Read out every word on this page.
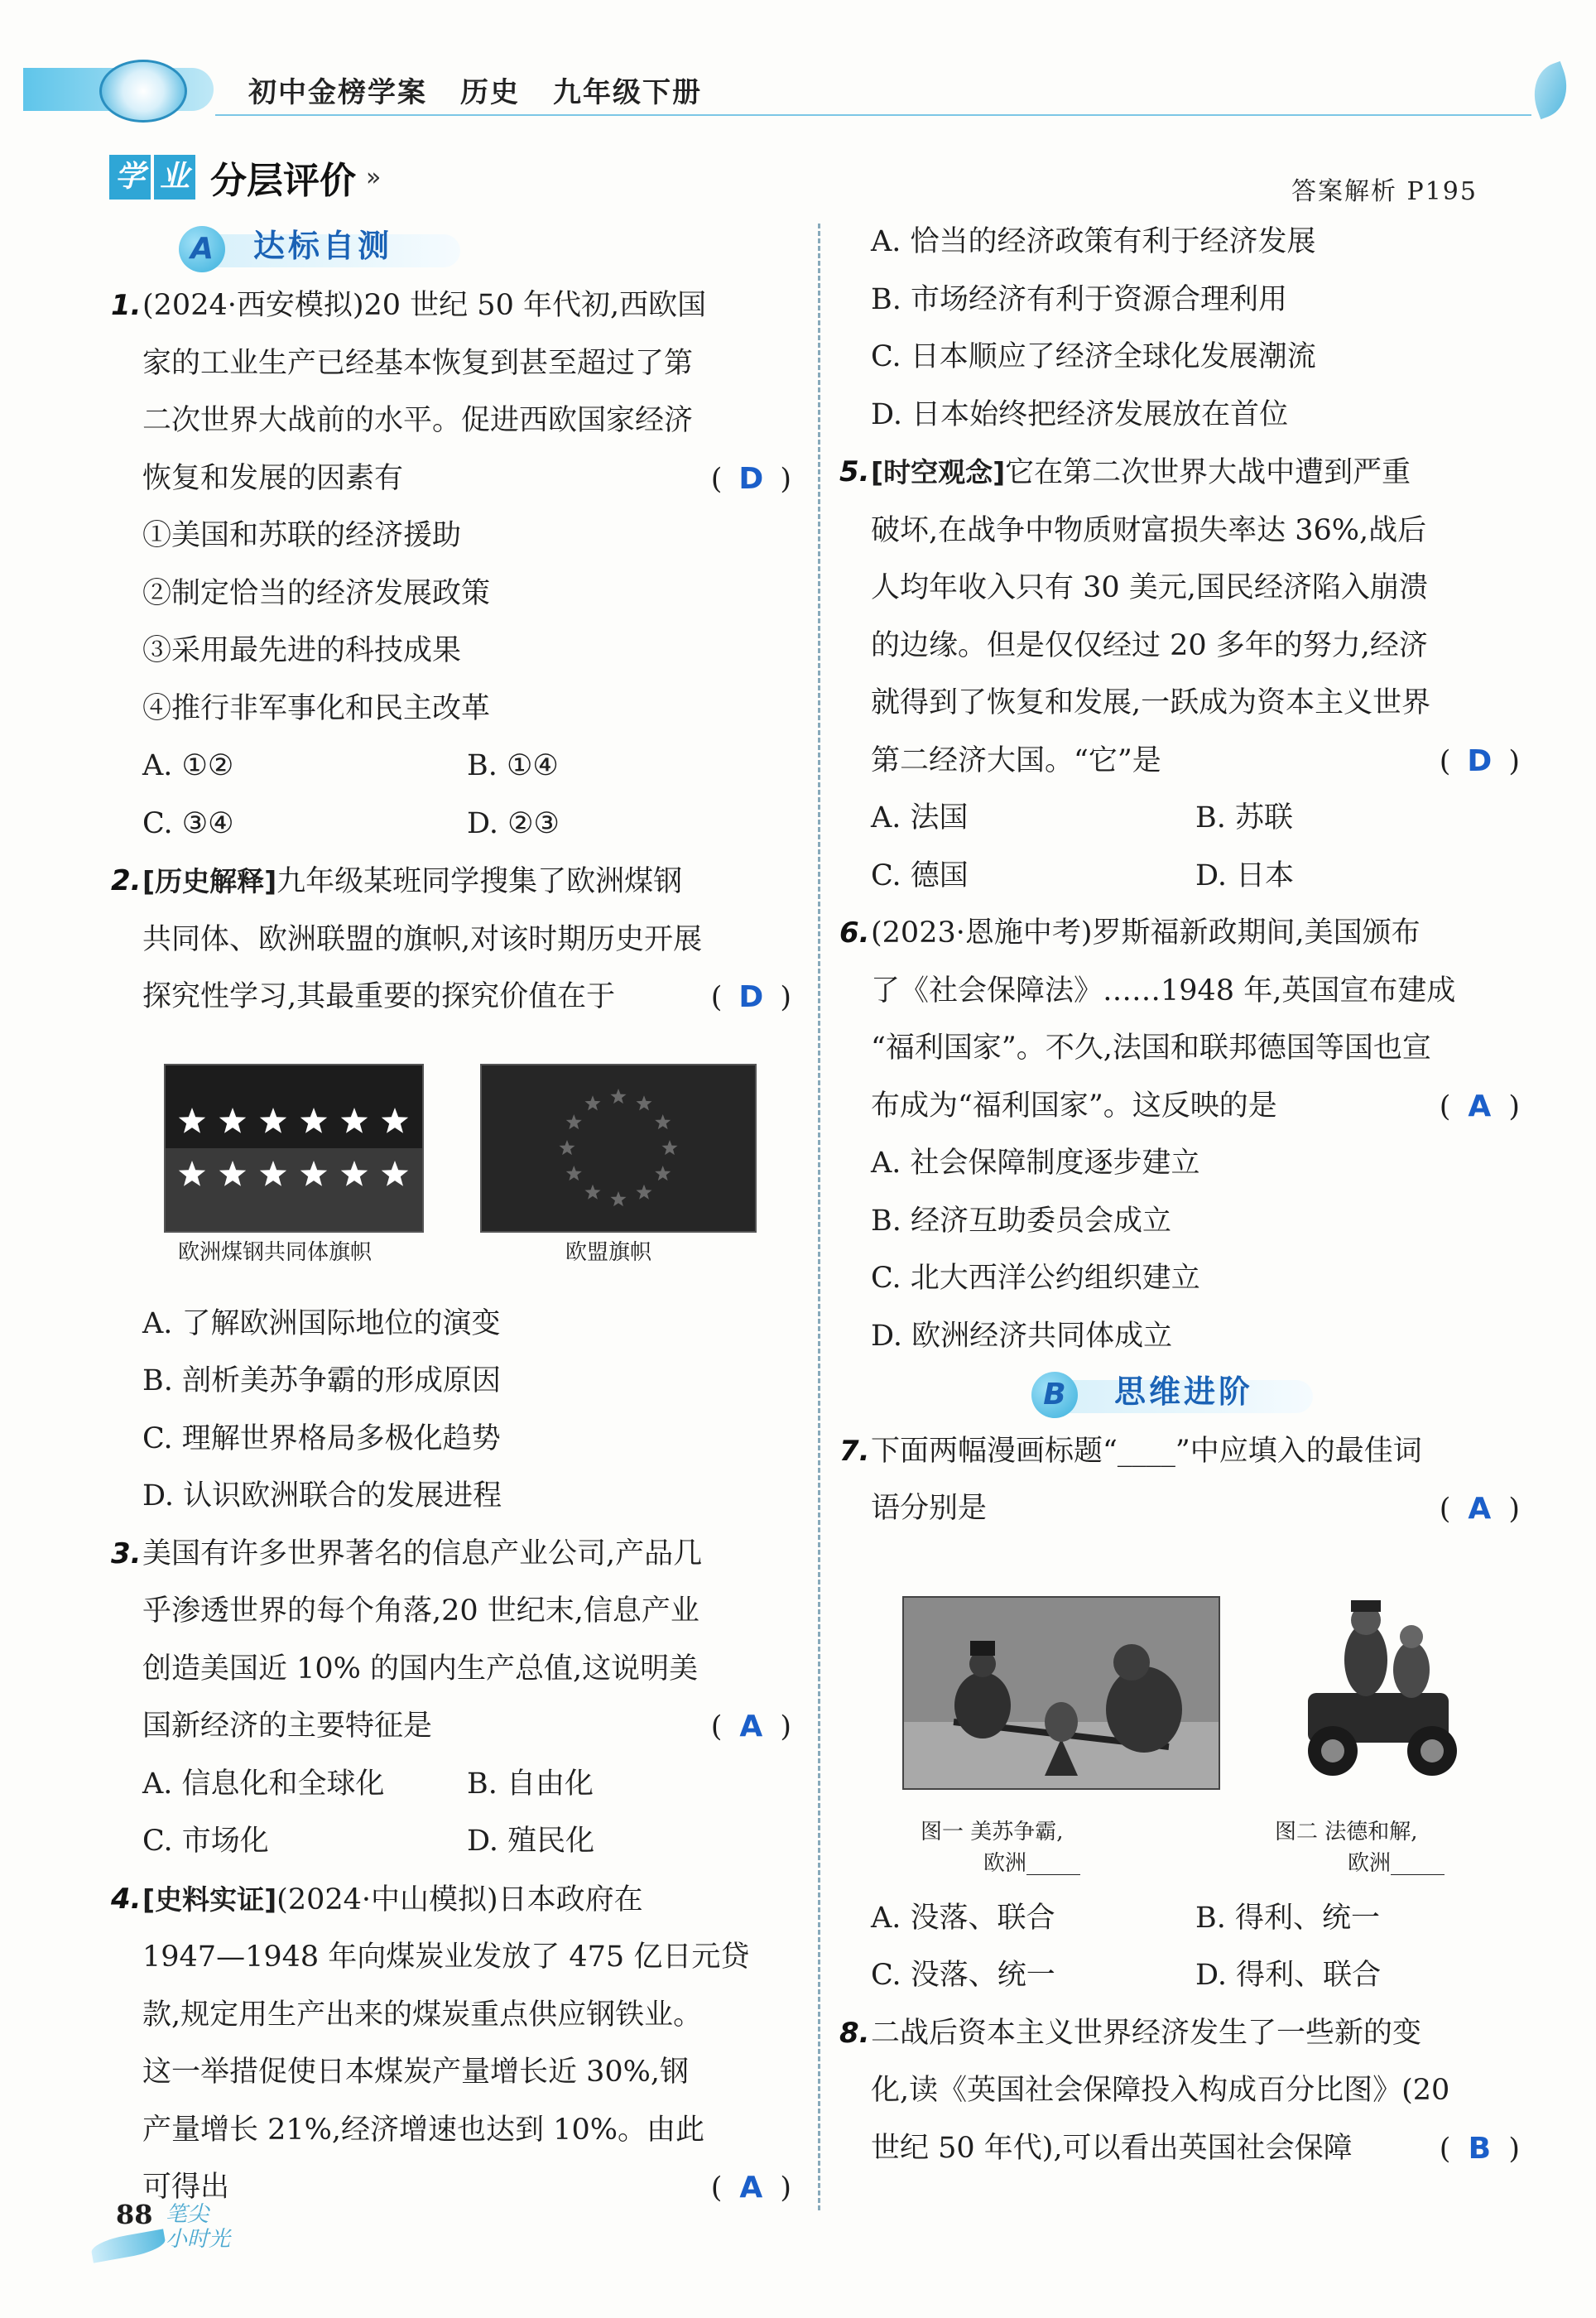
初中金榜学案 历史 九年级下册
学 业 分层评价 »	答案解析 P195
A	达标自测
1. (2024·西安模拟)20 世纪 50 年代初,西欧国
家的工业生产已经基本恢复到甚至超过了第
二次世界大战前的水平。促进西欧国家经济
恢复和发展的因素有	( D )
①美国和苏联的经济援助
②制定恰当的经济发展政策
③采用最先进的科技成果
④推行非军事化和民主改革
A. ①②	B. ①④
C. ③④	D. ②③
2. [历史解释]九年级某班同学搜集了欧洲煤钢
共同体、欧洲联盟的旗帜,对该时期历史开展
探究性学习,其最重要的探究价值在于	( D )
A. 了解欧洲国际地位的演变
B. 剖析美苏争霸的形成原因
C. 理解世界格局多极化趋势
D. 认识欧洲联合的发展进程
3. 美国有许多世界著名的信息产业公司,产品几
乎渗透世界的每个角落,20 世纪末,信息产业
创造美国近 10% 的国内生产总值,这说明美
国新经济的主要特征是	( A )
A. 信息化和全球化	B. 自由化
C. 市场化	D. 殖民化
4. [史料实证](2024·中山模拟)日本政府在
1947—1948 年向煤炭业发放了 475 亿日元贷
款,规定用生产出来的煤炭重点供应钢铁业。
这一举措促使日本煤炭产量增长近 30%,钢
产量增长 21%,经济增速也达到 10%。由此
可得出	( A )
欧洲煤钢共同体旗帜	欧盟旗帜
A. 恰当的经济政策有利于经济发展
B. 市场经济有利于资源合理利用
C. 日本顺应了经济全球化发展潮流
D. 日本始终把经济发展放在首位
5. [时空观念]它在第二次世界大战中遭到严重
破坏,在战争中物质财富损失率达 36%,战后
人均年收入只有 30 美元,国民经济陷入崩溃
的边缘。但是仅仅经过 20 多年的努力,经济
就得到了恢复和发展,一跃成为资本主义世界
第二经济大国。“它”是	( D )
A. 法国	B. 苏联
C. 德国	D. 日本
6. (2023·恩施中考)罗斯福新政期间,美国颁布
了《社会保障法》……1948 年,英国宣布建成
“福利国家”。不久,法国和联邦德国等国也宣
布成为“福利国家”。这反映的是	( A )
A. 社会保障制度逐步建立
B. 经济互助委员会成立
C. 北大西洋公约组织建立
D. 欧洲经济共同体成立
B	思维进阶
7. 下面两幅漫画标题“____”中应填入的最佳词
语分别是	( A )
A. 没落、联合	B. 得利、统一
C. 没落、统一	D. 得利、联合
8. 二战后资本主义世界经济发生了一些新的变
化,读《英国社会保障投入构成百分比图》(20
世纪 50 年代),可以看出英国社会保障	( B )
图一 美苏争霸,
欧洲_____
图二 法德和解,
欧洲_____
88 笔尖
小时光
